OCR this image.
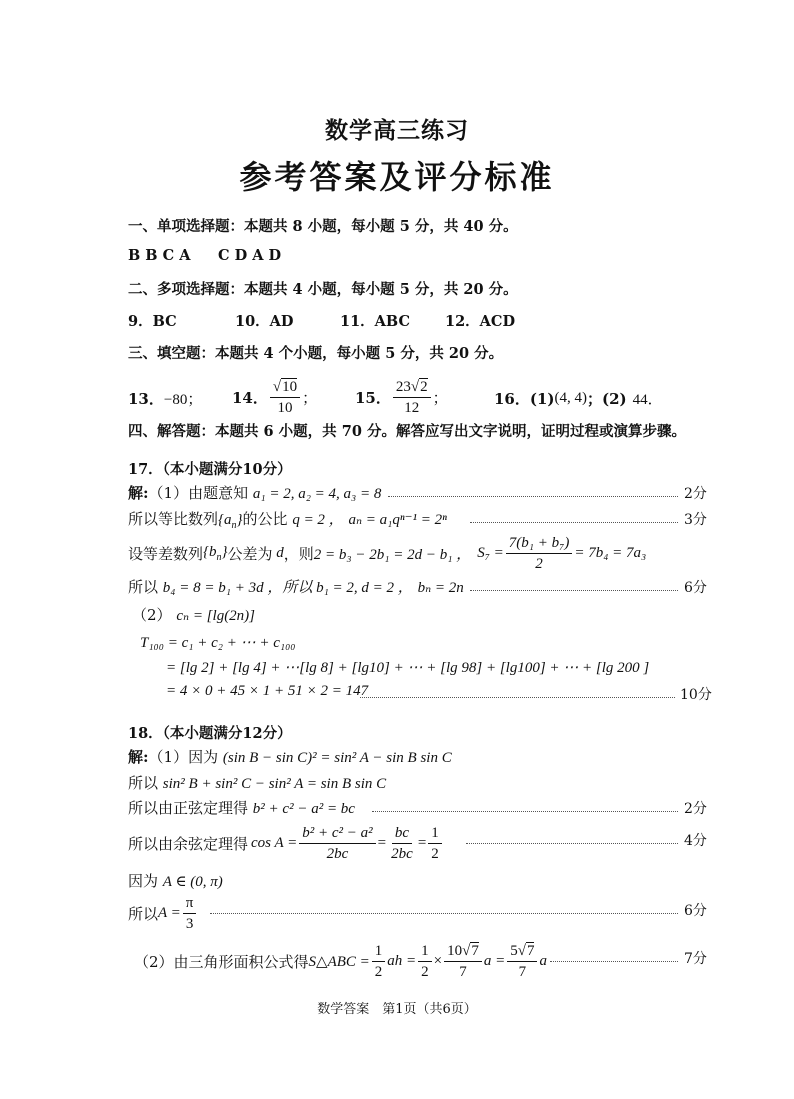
数学高三练习
参考答案及评分标准
一、单项选择题：本题共 8 小题，每小题 5 分，共 40 分。
B B C A C D A D
二、多项选择题：本题共 4 小题，每小题 5 分，共 20 分。
9．BC	10．AD	11．ABC 12．ACD
三、填空题：本题共 4 个小题，每小题 5 分，共 20 分。
13． −80； 14． $\frac{√10}{10}$ ；	15． $\frac{23√2}{12}$ ；	16．(1) (4, 4) ；(2) 44．
四、解答题：本题共 6 小题，共 70 分。解答应写出文字说明，证明过程或演算步骤。
17．（本小题满分10分）
解:（1）由题意知 a₁ = 2, a₂ = 4, a₃ = 8	2分
所以等比数列$\{a_n\}$的公比 q = 2 ， aₙ = a₁qⁿ⁻¹ = 2ⁿ	3分
设等差数列 $\{b_n\}$ 公差为 d ，则 2 = b₃ − 2b₁ = 2d − b₁ ， $S_7 = \frac{\text{7(b₁ + b₇)}}{2} = 7b_4 = 7a_3$
所以 b₄ = 8 = b₁ + 3d ，所以 b₁ = 2, d = 2 ， bₙ = 2n	6分
（2） cₙ = [lg(2n)]
T₁₀₀ = c₁ + c₂ + ⋯ + c₁₀₀
= [lg 2] + [lg 4] + ⋯[lg 8] + [lg10] + ⋯ + [lg 98] + [lg100] + ⋯ + [lg 200 ]
= 4 × 0 + 45 × 1 + 51 × 2 = 147	10分
18．（本小题满分12分）
解:（1）因为 (sin B − sin C)² = sin² A − sin B sin C
所以 sin² B + sin² C − sin² A = sin B sin C
所以由正弦定理得 b² + c² − a² = bc	2分
所以由余弦定理得 $\cos A = \frac{\text{b² + c² − a²}}{2bc} = \frac{bc}{2bc} = \frac{1}{2}$	4分
因为 A ∈ (0, π)
所以 $A = \frac{\pi}{3}$	6分
（2）由三角形面积公式得 S△ABC = $\frac{1}{2}$ ah = $\frac{1}{2} \times \frac{10√7}{7}$ $a = \frac{5√7}{7}$ a	7分
数学答案　第1页（共6页）
